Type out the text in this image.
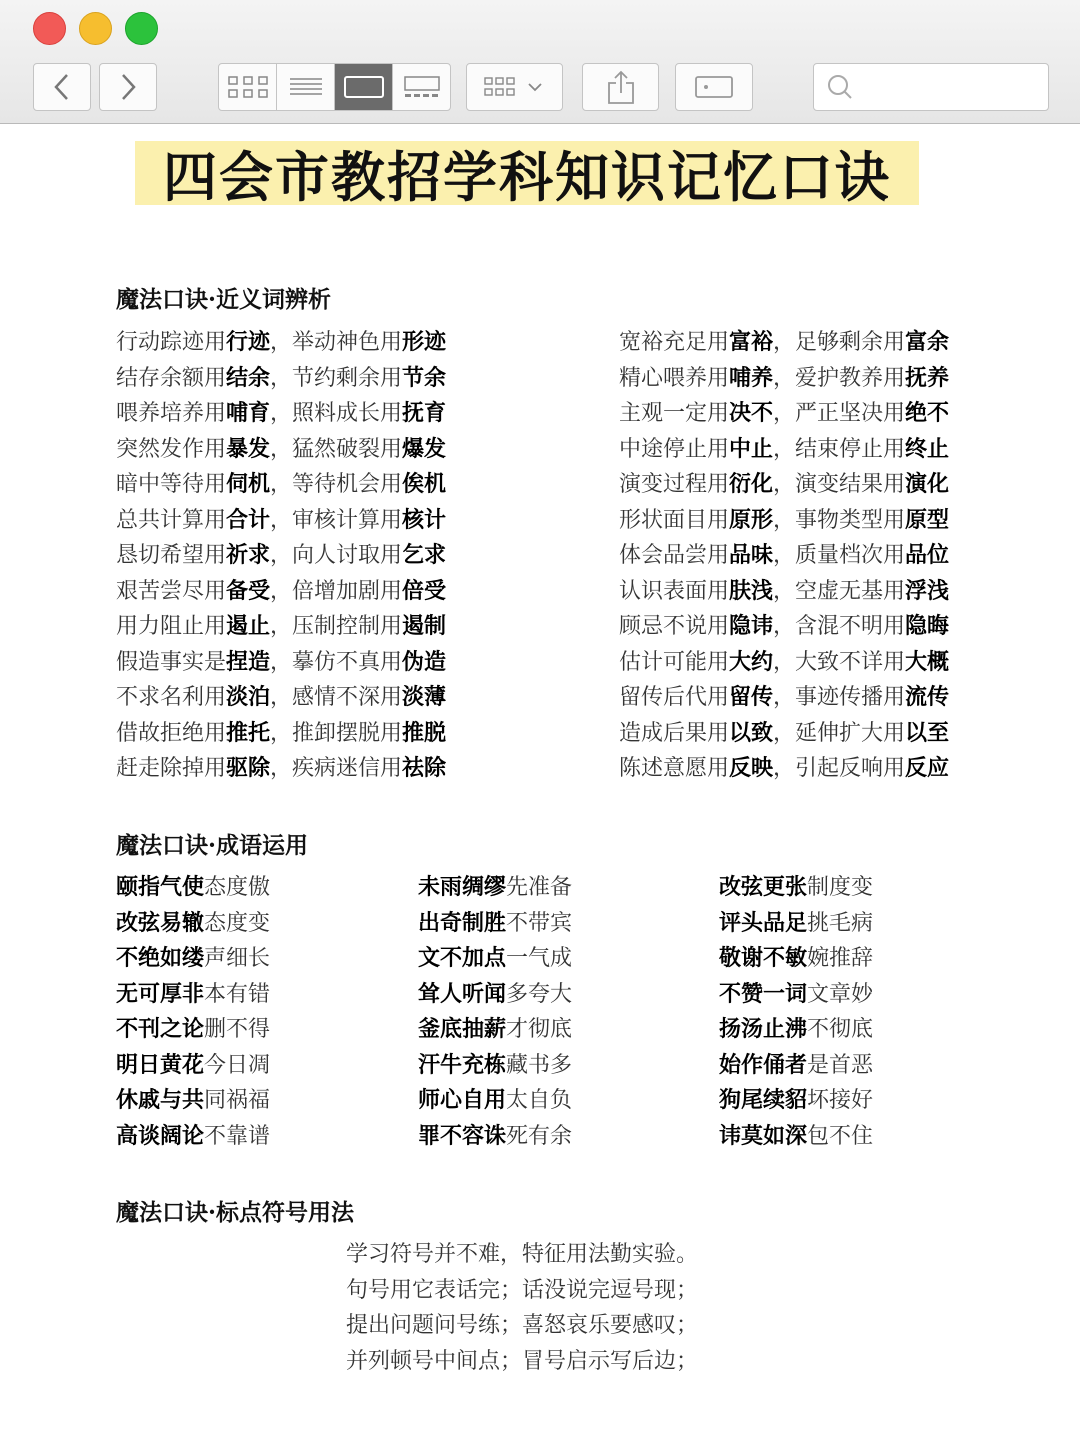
四会市教招学科知识记忆口诀
魔法口诀·近义词辨析
行动踪迹用行迹，举动神色用形迹
结存余额用结余，节约剩余用节余
喂养培养用哺育，照料成长用抚育
突然发作用暴发，猛然破裂用爆发
暗中等待用伺机，等待机会用俟机
总共计算用合计，审核计算用核计
恳切希望用祈求，向人讨取用乞求
艰苦尝尽用备受，倍增加剧用倍受
用力阻止用遏止，压制控制用遏制
假造事实是捏造，摹仿不真用伪造
不求名利用淡泊，感情不深用淡薄
借故拒绝用推托，推卸摆脱用推脱
赶走除掉用驱除，疾病迷信用祛除
宽裕充足用富裕，足够剩余用富余
精心喂养用哺养，爱护教养用抚养
主观一定用决不，严正坚决用绝不
中途停止用中止，结束停止用终止
演变过程用衍化，演变结果用演化
形状面目用原形，事物类型用原型
体会品尝用品味，质量档次用品位
认识表面用肤浅，空虚无基用浮浅
顾忌不说用隐讳，含混不明用隐晦
估计可能用大约，大致不详用大概
留传后代用留传，事迹传播用流传
造成后果用以致，延伸扩大用以至
陈述意愿用反映，引起反响用反应
魔法口诀·成语运用
颐指气使态度傲
改弦易辙态度变
不绝如缕声细长
无可厚非本有错
不刊之论删不得
明日黄花今日凋
休戚与共同祸福
高谈阔论不靠谱
未雨绸缪先准备
出奇制胜不带宾
文不加点一气成
耸人听闻多夸大
釜底抽薪才彻底
汗牛充栋藏书多
师心自用太自负
罪不容诛死有余
改弦更张制度变
评头品足挑毛病
敬谢不敏婉推辞
不赞一词文章妙
扬汤止沸不彻底
始作俑者是首恶
狗尾续貂坏接好
讳莫如深包不住
魔法口诀·标点符号用法
学习符号并不难，特征用法勤实验。
句号用它表话完；话没说完逗号现；
提出问题问号练；喜怒哀乐要感叹；
并列顿号中间点；冒号启示写后边；
